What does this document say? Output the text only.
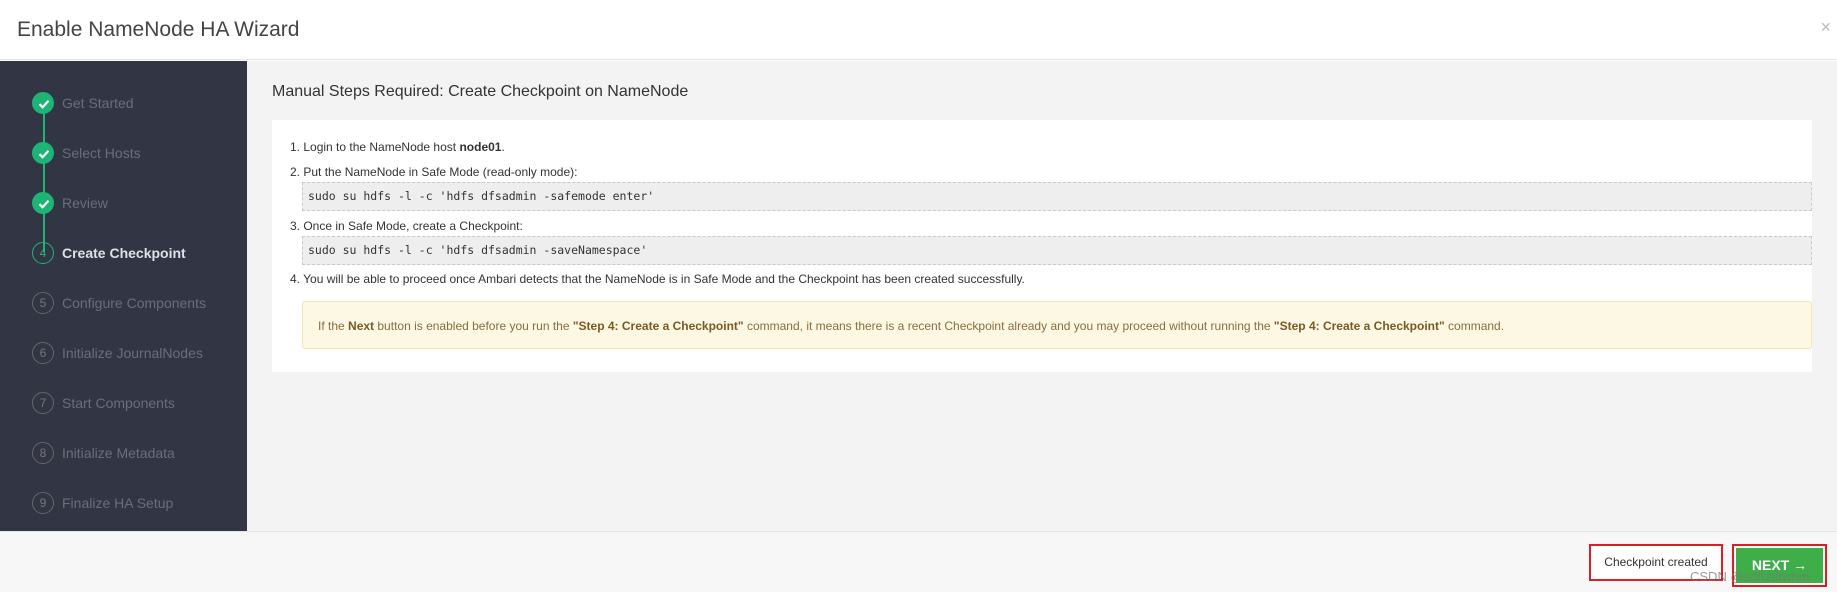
Enable NameNode HA Wizard	×
Get Started
Select Hosts
Review
4	Create Checkpoint
5	Configure Components
6	Initialize JournalNodes
7	Start Components
8	Initialize Metadata
9	Finalize HA Setup
Manual Steps Required: Create Checkpoint on NameNode
1. Login to the NameNode host node01.
2. Put the NameNode in Safe Mode (read-only mode):
sudo su hdfs -l -c 'hdfs dfsadmin -safemode enter'
3. Once in Safe Mode, create a Checkpoint:
sudo su hdfs -l -c 'hdfs dfsadmin -saveNamespace'
4. You will be able to proceed once Ambari detects that the NameNode is in Safe Mode and the Checkpoint has been created successfully.
If the Next button is enabled before you run the "Step 4: Create a Checkpoint" command, it means there is a recent Checkpoint already and you may proceed without running the "Step 4: Create a Checkpoint" command.
Checkpoint created	NEXT →
CSDN @sdhzdtwhm
